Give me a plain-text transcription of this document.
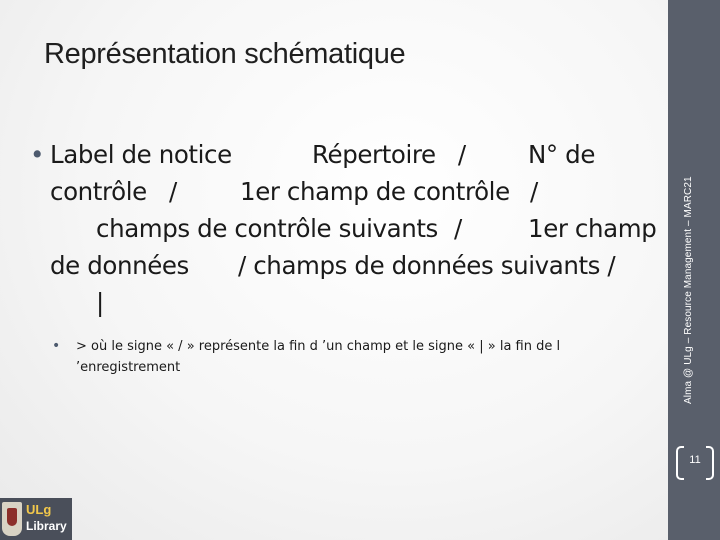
Représentation schématique
•

Label de notice

	Répertoire   /

	N° de

contrôle   /

	1er champ de contrôle

/

champs de contrôle suivants

/

	1er champ

de données

/ champs de données suivants /

|

•	> où le signe « / » représente la fin d ’un champ et le signe « | » la fin de l ’enregistrement
ULg
Library
Alma @ ULg – Resource Management – MARC21
11
